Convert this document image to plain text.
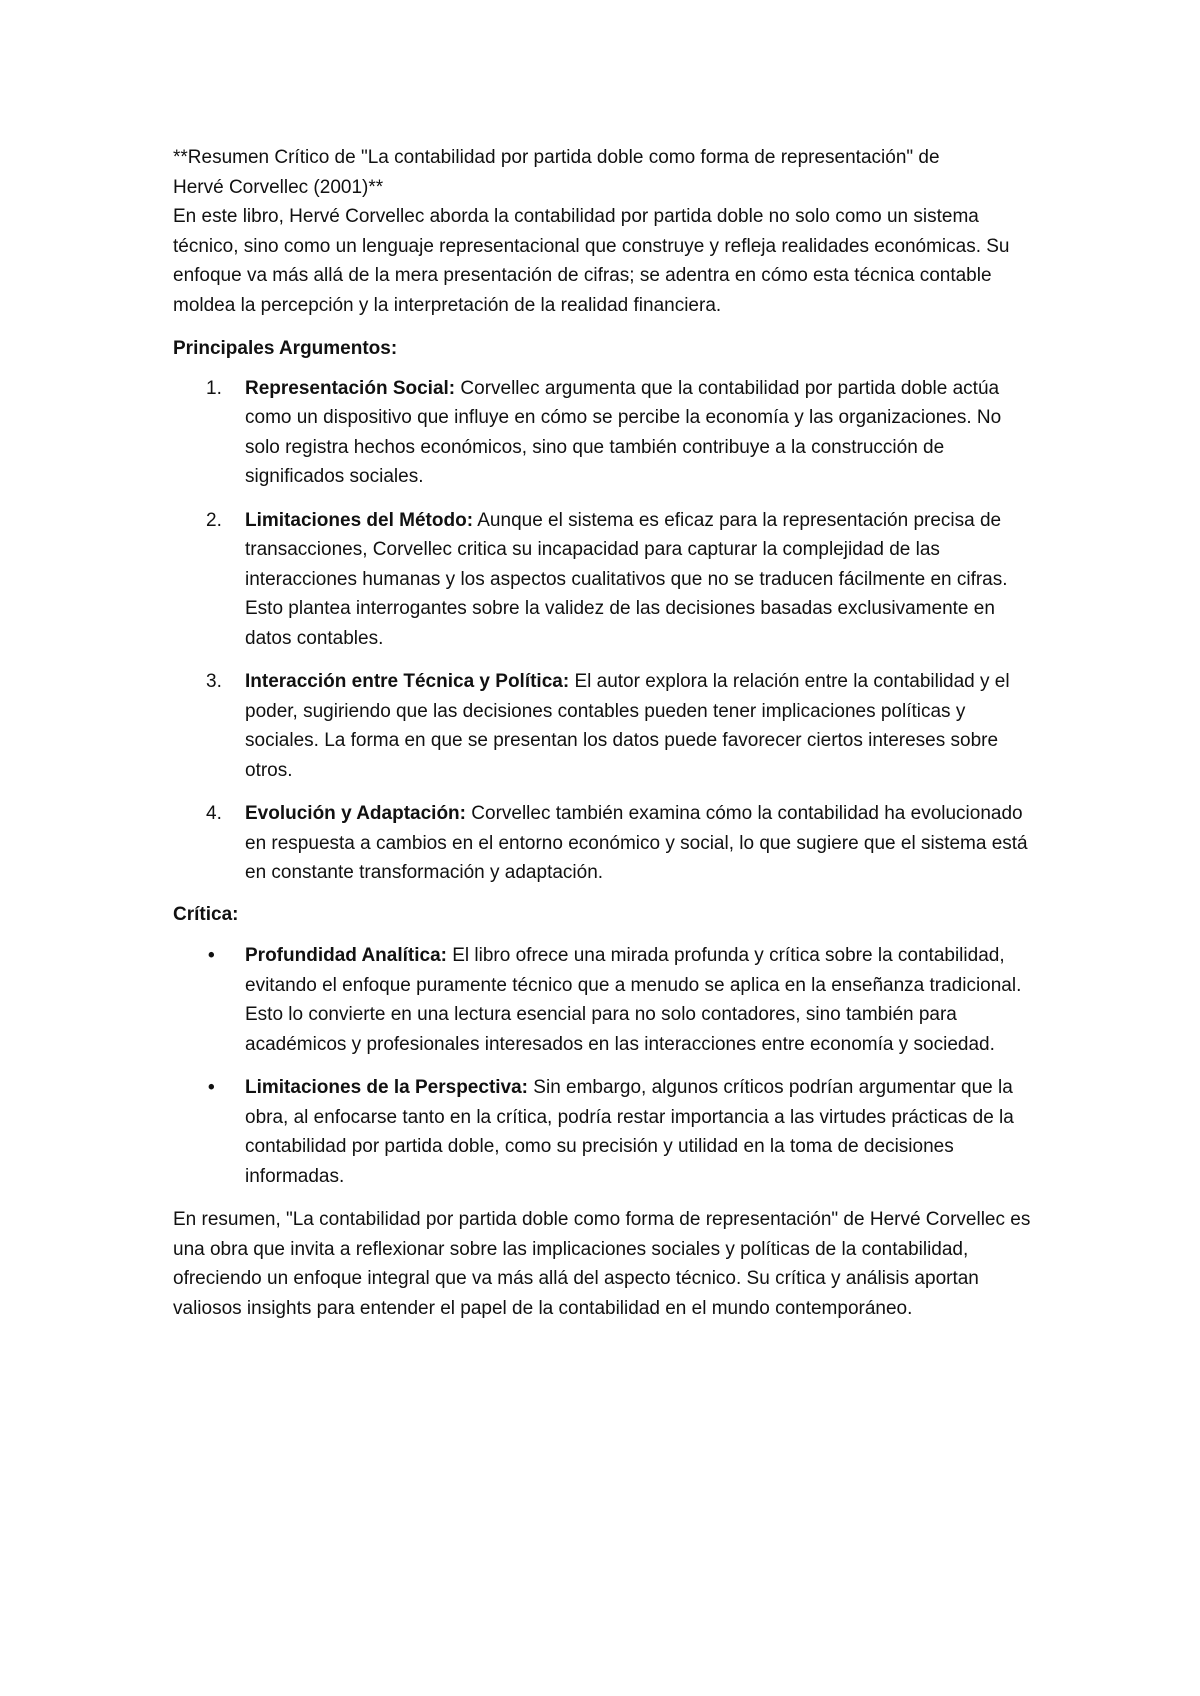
**Resumen Crítico de "La contabilidad por partida doble como forma de representación" de
Hervé Corvellec (2001)**

En este libro, Hervé Corvellec aborda la contabilidad por partida doble no solo como un sistema técnico, sino como un lenguaje representacional que construye y refleja realidades económicas. Su enfoque va más allá de la mera presentación de cifras; se adentra en cómo esta técnica contable moldea la percepción y la interpretación de la realidad financiera.

Principales Argumentos:

1. Representación Social: Corvellec argumenta que la contabilidad por partida doble actúa como un dispositivo que influye en cómo se percibe la economía y las organizaciones. No solo registra hechos económicos, sino que también contribuye a la construcción de significados sociales.
2. Limitaciones del Método: Aunque el sistema es eficaz para la representación precisa de transacciones, Corvellec critica su incapacidad para capturar la complejidad de las interacciones humanas y los aspectos cualitativos que no se traducen fácilmente en cifras. Esto plantea interrogantes sobre la validez de las decisiones basadas exclusivamente en datos contables.
3. Interacción entre Técnica y Política: El autor explora la relación entre la contabilidad y el poder, sugiriendo que las decisiones contables pueden tener implicaciones políticas y sociales. La forma en que se presentan los datos puede favorecer ciertos intereses sobre otros.
4. Evolución y Adaptación: Corvellec también examina cómo la contabilidad ha evolucionado en respuesta a cambios en el entorno económico y social, lo que sugiere que el sistema está en constante transformación y adaptación.

Crítica:

• Profundidad Analítica: El libro ofrece una mirada profunda y crítica sobre la contabilidad, evitando el enfoque puramente técnico que a menudo se aplica en la enseñanza tradicional. Esto lo convierte en una lectura esencial para no solo contadores, sino también para académicos y profesionales interesados en las interacciones entre economía y sociedad.
• Limitaciones de la Perspectiva: Sin embargo, algunos críticos podrían argumentar que la obra, al enfocarse tanto en la crítica, podría restar importancia a las virtudes prácticas de la contabilidad por partida doble, como su precisión y utilidad en la toma de decisiones informadas.

En resumen, "La contabilidad por partida doble como forma de representación" de Hervé Corvellec es una obra que invita a reflexionar sobre las implicaciones sociales y políticas de la contabilidad, ofreciendo un enfoque integral que va más allá del aspecto técnico. Su crítica y análisis aportan valiosos insights para entender el papel de la contabilidad en el mundo contemporáneo.
